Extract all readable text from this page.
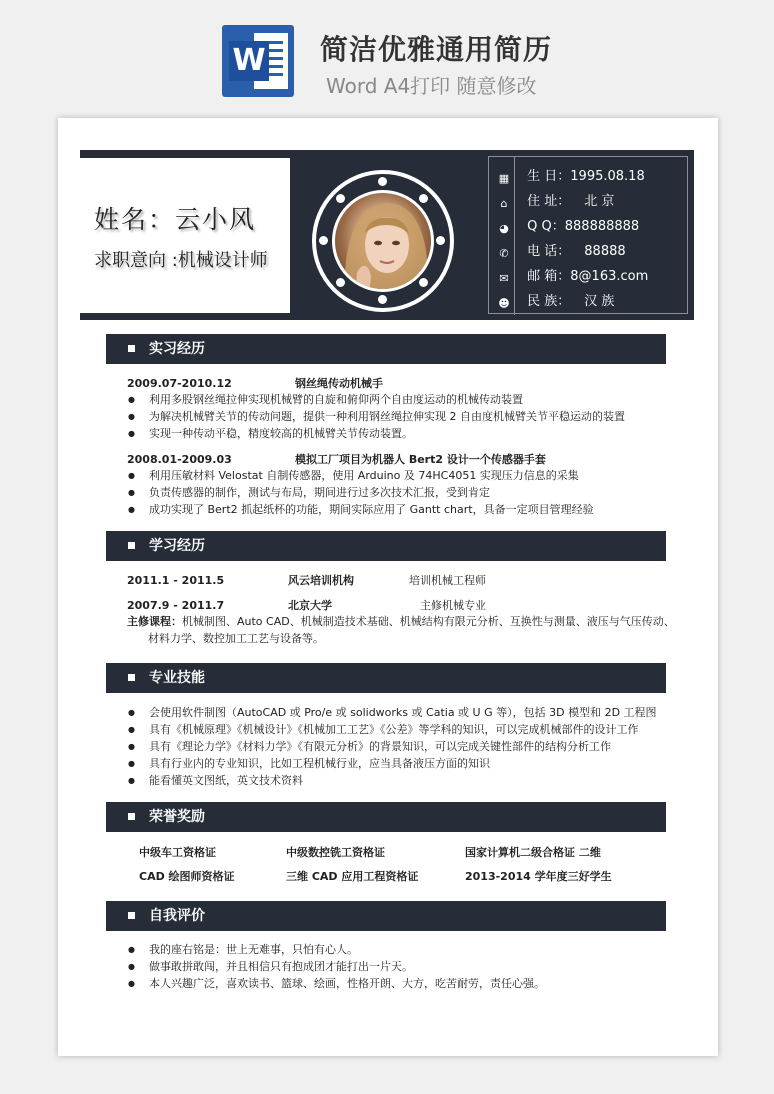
W 简洁优雅通用简历
Word A4打印 随意修改
姓名：云小风
求职意向 :机械设计师
▦ 生 日：1995.08.18
⌂ 住 址： 北 京
◕ Q Q：888888888
✆ 电 话： 88888
✉ 邮 箱：8@163.com
☻ 民 族： 汉 族
实习经历
2009.07-2010.12	钢丝绳传动机械手
● 利用多股钢丝绳拉伸实现机械臂的自旋和俯仰两个自由度运动的机械传动装置
● 为解决机械臂关节的传动问题，提供一种利用钢丝绳拉伸实现 2 自由度机械臂关节平稳运动的装置
● 实现一种传动平稳，精度较高的机械臂关节传动装置。
2008.01-2009.03	模拟工厂项目为机器人 Bert2 设计一个传感器手套
● 利用压敏材料 Velostat 自制传感器，使用 Arduino 及 74HC4051 实现压力信息的采集
● 负责传感器的制作，测试与布局，期间进行过多次技术汇报，受到肯定
● 成功实现了 Bert2 抓起纸杯的功能，期间实际应用了 Gantt chart，具备一定项目管理经验
学习经历
2011.1 - 2011.5	风云培训机构	培训机械工程师
2007.9 - 2011.7	北京大学	主修机械专业
主修课程：机械制图、Auto CAD、机械制造技术基础、机械结构有限元分析、互换性与测量、液压与气压传动、
材料力学、数控加工工艺与设备等。
专业技能
● 会使用软件制图（AutoCAD 或 Pro/e 或 solidworks 或 Catia 或 U G 等），包括 3D 模型和 2D 工程图
● 具有《机械原理》《机械设计》《机械加工工艺》《公差》等学科的知识，可以完成机械部件的设计工作
● 具有《理论力学》《材料力学》《有限元分析》的背景知识，可以完成关键性部件的结构分析工作
● 具有行业内的专业知识，比如工程机械行业，应当具备液压方面的知识
● 能看懂英文图纸，英文技术资料
荣誉奖励
中级车工资格证	中级数控铣工资格证	国家计算机二级合格证 二维
CAD 绘图师资格证	三维 CAD 应用工程资格证	2013-2014 学年度三好学生
自我评价
● 我的座右铭是：世上无难事，只怕有心人。
● 做事敢拼敢闯，并且相信只有抱成团才能打出一片天。
● 本人兴趣广泛，喜欢读书、篮球、绘画，性格开朗、大方，吃苦耐劳，责任心强。
